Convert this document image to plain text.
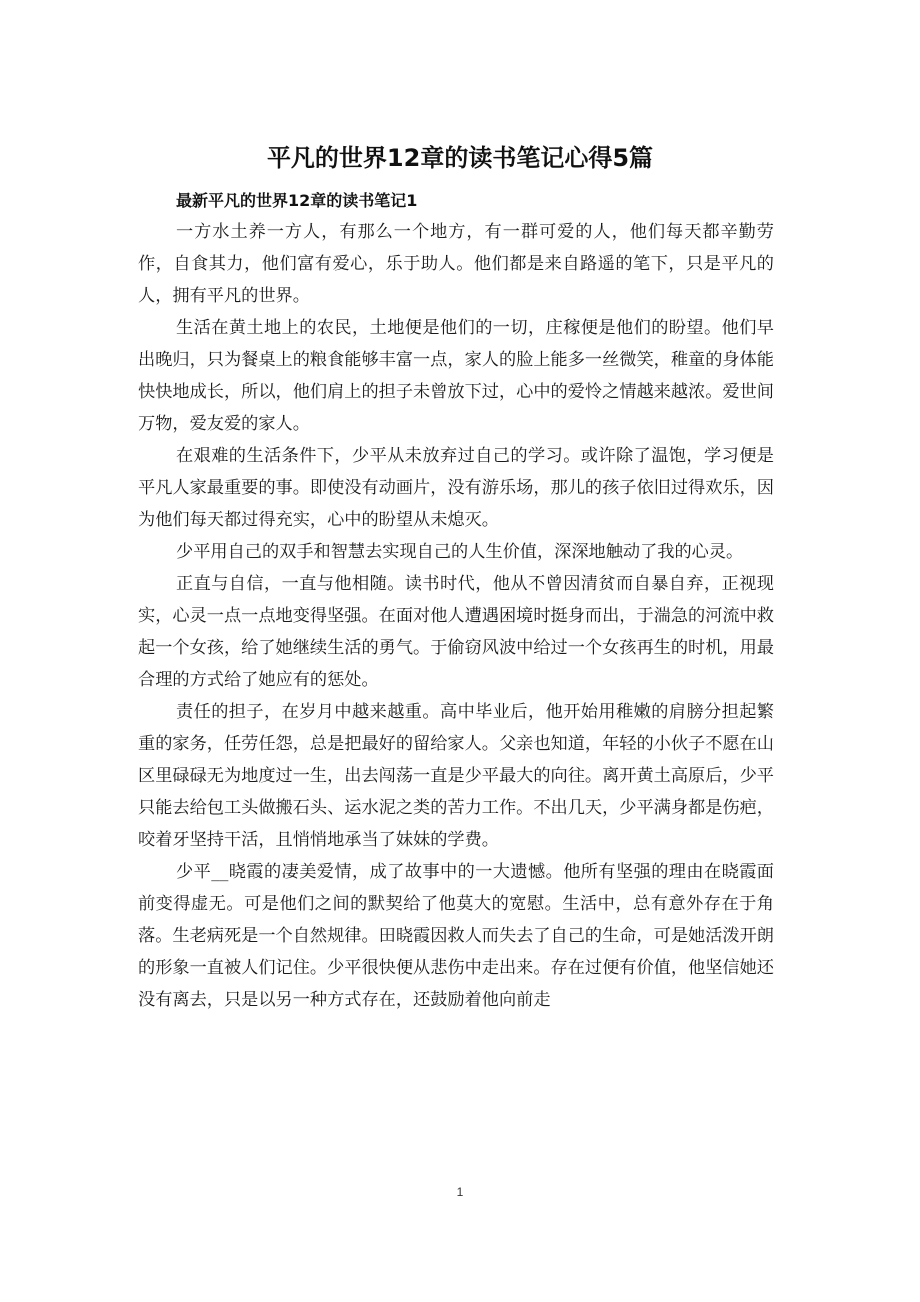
平凡的世界12章的读书笔记心得5篇

最新平凡的世界12章的读书笔记1

一方水土养一方人，有那么一个地方，有一群可爱的人，他们每天都辛勤劳作，自食其力，他们富有爱心，乐于助人。他们都是来自路遥的笔下，只是平凡的人，拥有平凡的世界。

生活在黄土地上的农民，土地便是他们的一切，庄稼便是他们的盼望。他们早出晚归，只为餐桌上的粮食能够丰富一点，家人的脸上能多一丝微笑，稚童的身体能快快地成长，所以，他们肩上的担子未曾放下过，心中的爱怜之情越来越浓。爱世间万物，爱友爱的家人。

在艰难的生活条件下，少平从未放弃过自己的学习。或许除了温饱，学习便是平凡人家最重要的事。即使没有动画片，没有游乐场，那儿的孩子依旧过得欢乐，因为他们每天都过得充实，心中的盼望从未熄灭。

少平用自己的双手和智慧去实现自己的人生价值，深深地触动了我的心灵。

正直与自信，一直与他相随。读书时代，他从不曾因清贫而自暴自弃，正视现实，心灵一点一点地变得坚强。在面对他人遭遇困境时挺身而出，于湍急的河流中救起一个女孩，给了她继续生活的勇气。于偷窃风波中给过一个女孩再生的时机，用最合理的方式给了她应有的惩处。

责任的担子，在岁月中越来越重。高中毕业后，他开始用稚嫩的肩膀分担起繁重的家务，任劳任怨，总是把最好的留给家人。父亲也知道，年轻的小伙子不愿在山区里碌碌无为地度过一生，出去闯荡一直是少平最大的向往。离开黄土高原后，少平只能去给包工头做搬石头、运水泥之类的苦力工作。不出几天，少平满身都是伤疤，咬着牙坚持干活，且悄悄地承当了妹妹的学费。

少平__晓霞的凄美爱情，成了故事中的一大遗憾。他所有坚强的理由在晓霞面前变得虚无。可是他们之间的默契给了他莫大的宽慰。生活中，总有意外存在于角落。生老病死是一个自然规律。田晓霞因救人而失去了自己的生命，可是她活泼开朗的形象一直被人们记住。少平很快便从悲伤中走出来。存在过便有价值，他坚信她还没有离去，只是以另一种方式存在，还鼓励着他向前走

1
